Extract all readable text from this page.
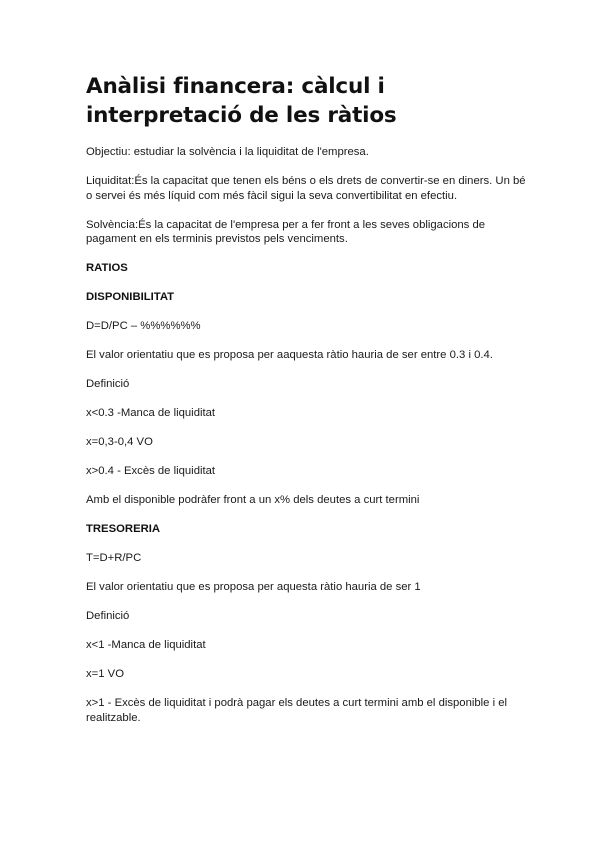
Anàlisi financera: càlcul i interpretació de les ràtios

Objectiu: estudiar la solvència i la liquiditat de l'empresa.

Liquiditat:És la capacitat que tenen els béns o els drets de convertir-se en diners. Un bé o servei és més líquid com més fàcil sigui la seva convertibilitat en efectiu.

Solvència:És la capacitat de l'empresa per a fer front a les seves obligacions de pagament en els terminis previstos pels venciments.

RATIOS

DISPONIBILITAT

D=D/PC – %%%%%%

El valor orientatiu que es proposa per aaquesta ràtio hauria de ser entre 0.3 i 0.4.

Definició

x<0.3 -Manca de liquiditat

x=0,3-0,4 VO

x>0.4 - Excès de liquiditat

Amb el disponible podràfer front a un x% dels deutes a curt termini

TRESORERIA

T=D+R/PC

El valor orientatiu que es proposa per aquesta ràtio hauria de ser 1

Definició

x<1 -Manca de liquiditat

x=1 VO

x>1 - Excès de liquiditat i podrà pagar els deutes a curt termini amb el disponible i el realitzable.
